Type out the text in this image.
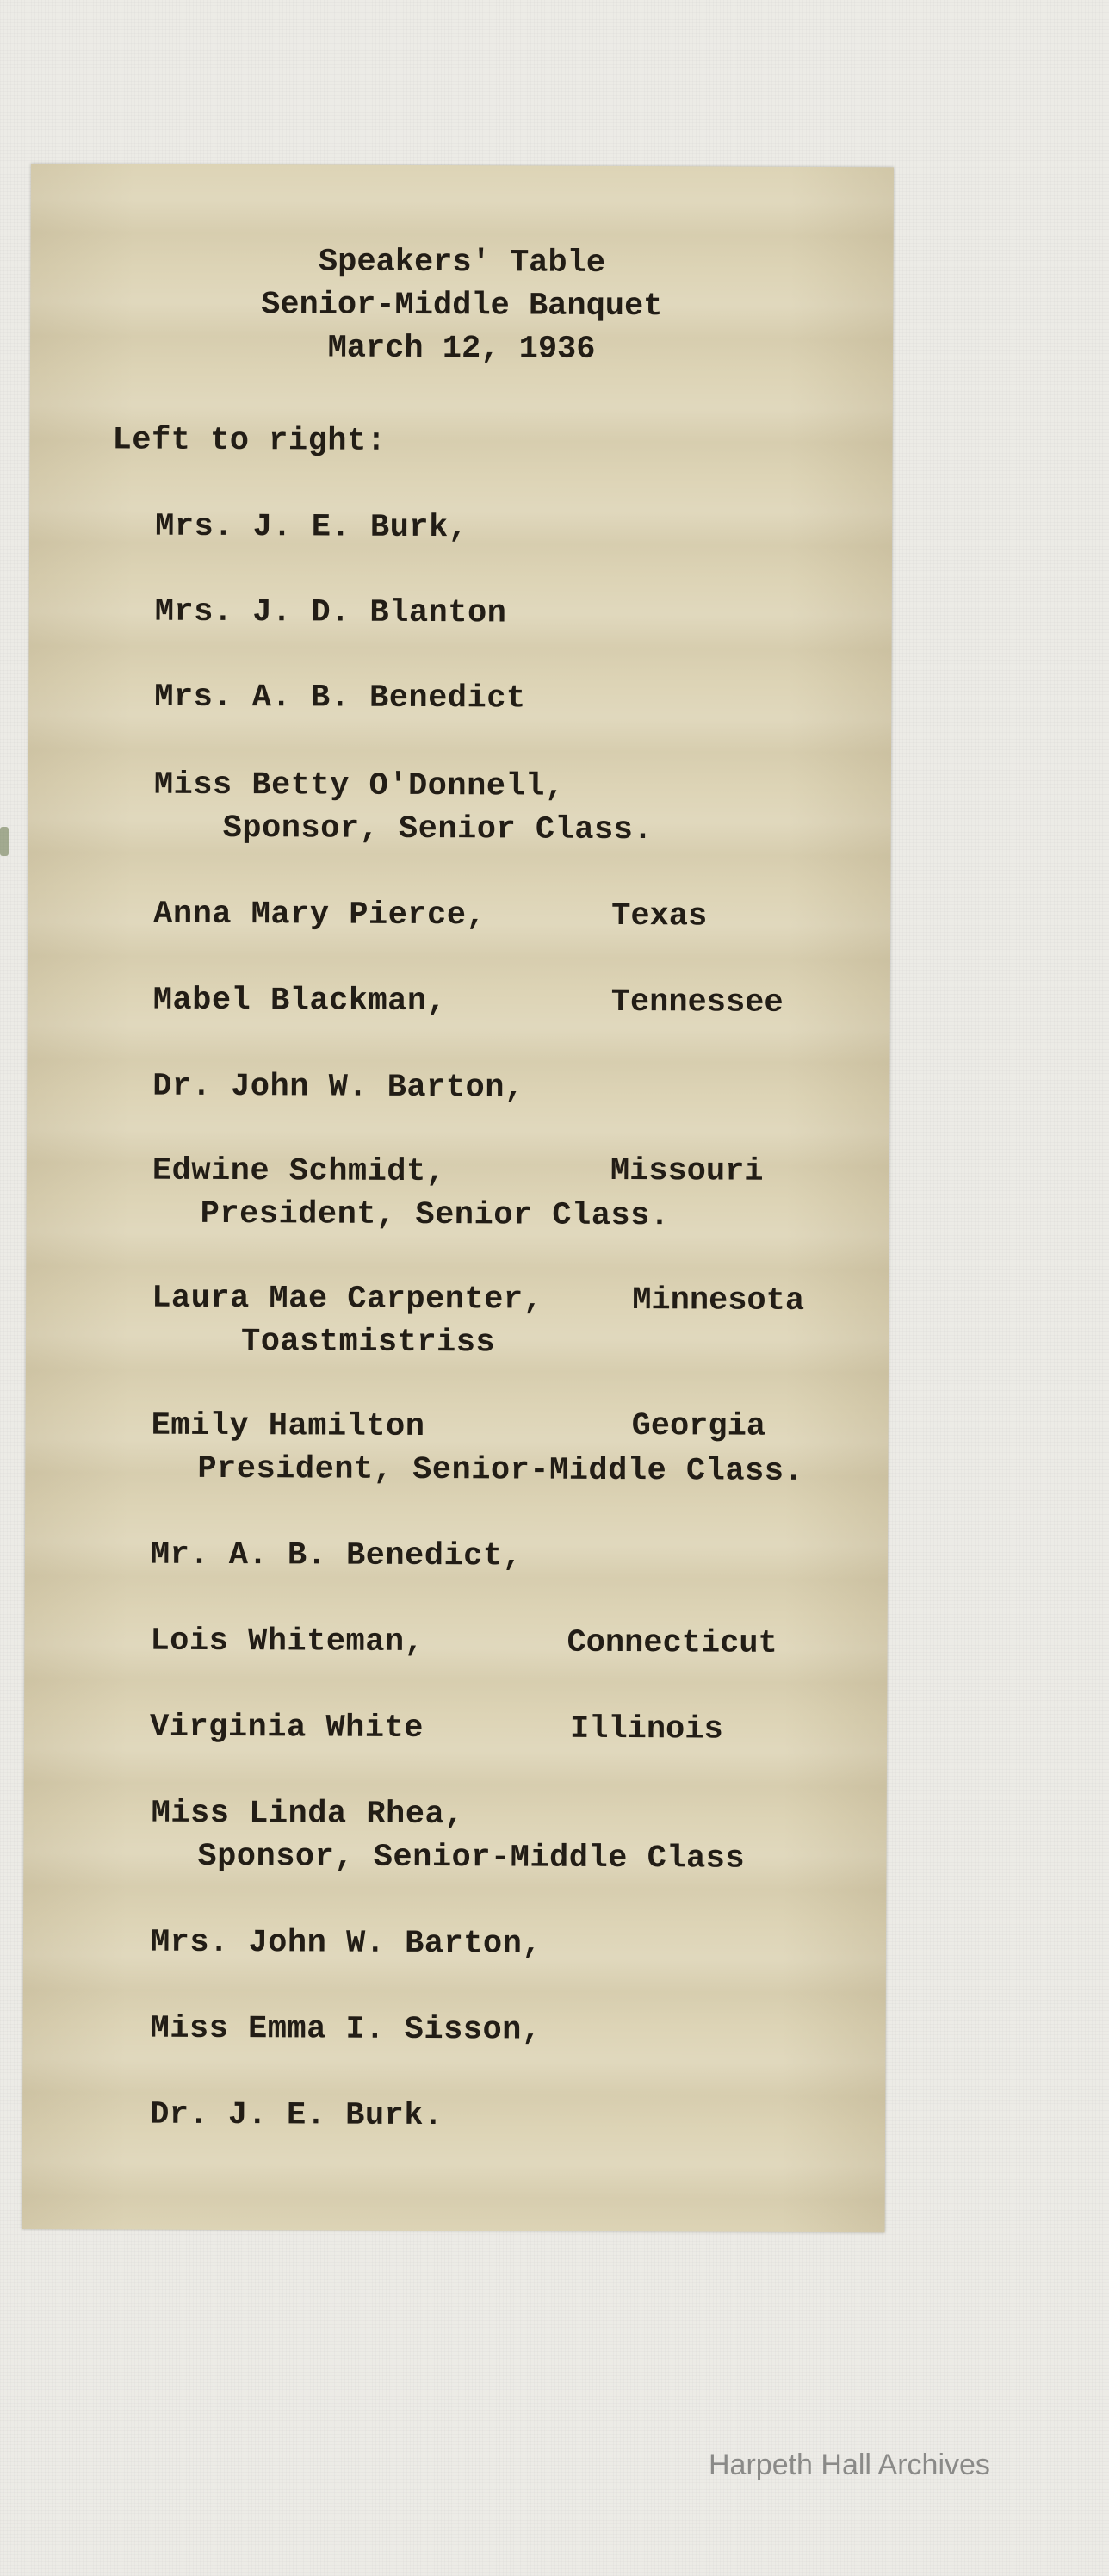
Speakers' Table
Senior-Middle Banquet
March 12, 1936
Left to right:
Mrs. J. E. Burk,
Mrs. J. D. Blanton
Mrs. A. B. Benedict
Miss Betty O'Donnell,
Sponsor, Senior Class.
Anna Mary Pierce,	Texas
Mabel Blackman,	Tennessee
Dr. John W. Barton,
Edwine Schmidt,	Missouri
President, Senior Class.
Laura Mae Carpenter,	Minnesota
Toastmistriss
Emily Hamilton	Georgia
President, Senior-Middle Class.
Mr. A. B. Benedict,
Lois Whiteman,	Connecticut
Virginia White	Illinois
Miss Linda Rhea,
Sponsor, Senior-Middle Class
Mrs. John W. Barton,
Miss Emma I. Sisson,
Dr. J. E. Burk.
Harpeth Hall Archives
